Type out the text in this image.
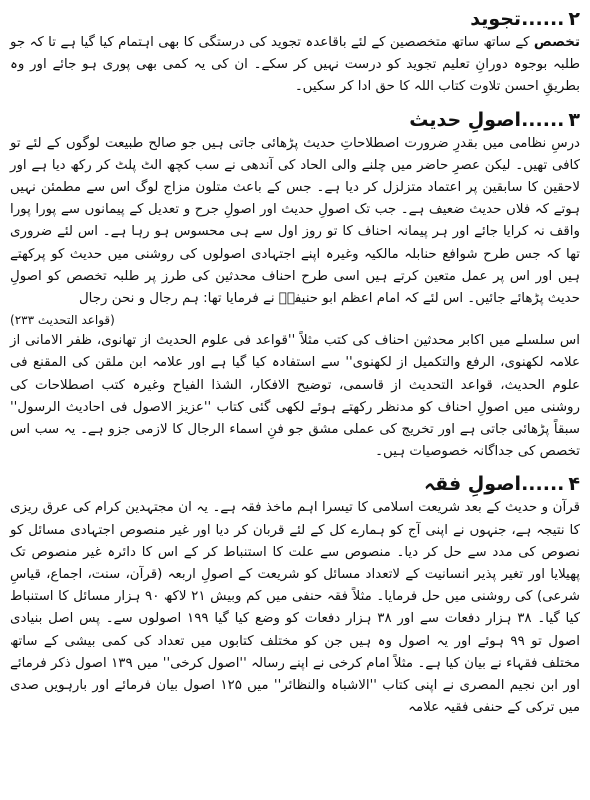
۲......تجوید

تخصص کے ساتھ ساتھ متخصصین کے لئے باقاعدہ تجوید کی درستگی کا بھی اہتمام کیا گیا ہے تا کہ جو طلبہ بوجوہ دورانِ تعلیم تجوید کو درست نہیں کر سکے۔ ان کی یہ کمی بھی پوری ہو جائے اور وہ بطریقِ احسن تلاوت کتاب اللہ کا حق ادا کر سکیں۔

۳......اصولِ حدیث

درسِ نظامی میں بقدرِ ضرورت اصطلاحاتِ حدیث پڑھائی جاتی ہیں جو صالح طبیعت لوگوں کے لئے تو کافی تھیں۔ لیکن عصرِ حاضر میں چلنے والی الحاد کی آندھی نے سب کچھ الٹ پلٹ کر رکھ دیا ہے اور لاحقین کا سابقین پر اعتماد متزلزل کر دیا ہے۔ جس کے باعث متلون مزاج لوگ اس سے مطمئن نہیں ہوتے کہ فلاں حدیث ضعیف ہے۔ جب تک اصولِ حدیث اور اصولِ جرح و تعدیل کے پیمانوں سے پورا پورا واقف نہ کرایا جائے اور ہر پیمانہ احناف کا تو روز اول سے ہی محسوس ہو رہا ہے۔ اس لئے ضروری تھا کہ جس طرح شوافع حنابلہ مالکیہ وغیرہ اپنے اجتہادی اصولوں کی روشنی میں حدیث کو پرکھتے ہیں اور اس پر عمل متعین کرتے ہیں اسی طرح احناف محدثین کی طرز پر طلبہ تخصص کو اصولِ حدیث پڑھائے جائیں۔ اس لئے کہ امام اعظم ابو حنیفہؒ نے فرمایا تھا: ہم رجال و نحن رجال

(قواعد التحدیث ۲۳۳)

اس سلسلے میں اکابر محدثین احناف کی کتب مثلاً ''قواعد فی علوم الحدیث از تھانوی، ظفر الامانی از علامہ لکھنوی، الرفع والتکمیل از لکھنوی'' سے استفادہ کیا گیا ہے اور علامہ ابن ملقن کی المقنع فی علوم الحدیث، قواعد التحدیث از قاسمی، توضیح الافکار، الشذا الفیاح وغیرہ کتب اصطلاحات کی روشنی میں اصولِ احناف کو مدنظر رکھتے ہوئے لکھی گئی کتاب ''عزیز الاصول فی احادیث الرسول'' سبقاً پڑھائی جاتی ہے اور تخریج کی عملی مشق جو فنِ اسماء الرجال کا لازمی جزو ہے۔ یہ سب اس تخصص کی جداگانہ خصوصیات ہیں۔

۴......اصولِ فقہ

قرآن و حدیث کے بعد شریعت اسلامی کا تیسرا اہم ماخذ فقہ ہے۔ یہ ان مجتہدین کرام کی عرق ریزی کا نتیجہ ہے، جنہوں نے اپنی آج کو ہمارے کل کے لئے قربان کر دیا اور غیر منصوص اجتہادی مسائل کو نصوص کی مدد سے حل کر دیا۔ منصوص سے علت کا استنباط کر کے اس کا دائرہ غیر منصوص تک پھیلایا اور تغیر پذیر انسانیت کے لاتعداد مسائل کو شریعت کے اصولِ اربعہ (قرآن، سنت، اجماع، قیاسِ شرعی) کی روشنی میں حل فرمایا۔ مثلاً فقہ حنفی میں کم وبیش ۲۱ لاکھ ۹۰ ہزار مسائل کا استنباط کیا گیا۔ ۳۸ ہزار دفعات سے اور ۳۸ ہزار دفعات کو وضع کیا گیا ۱۹۹ اصولوں سے۔ پس اصل بنیادی اصول تو ۹۹ ہوئے اور یہ اصول وہ ہیں جن کو مختلف کتابوں میں تعداد کی کمی بیشی کے ساتھ مختلف فقہاء نے بیان کیا ہے۔ مثلاً امام کرخی نے اپنے رسالہ ''اصول کرخی'' میں ۱۳۹ اصول ذکر فرمائے اور ابن نجیم المصری نے اپنی کتاب ''الاشباہ والنظائر'' میں ۱۲۵ اصول بیان فرمائے اور بارہویں صدی میں ترکی کے حنفی فقیہ علامہ
